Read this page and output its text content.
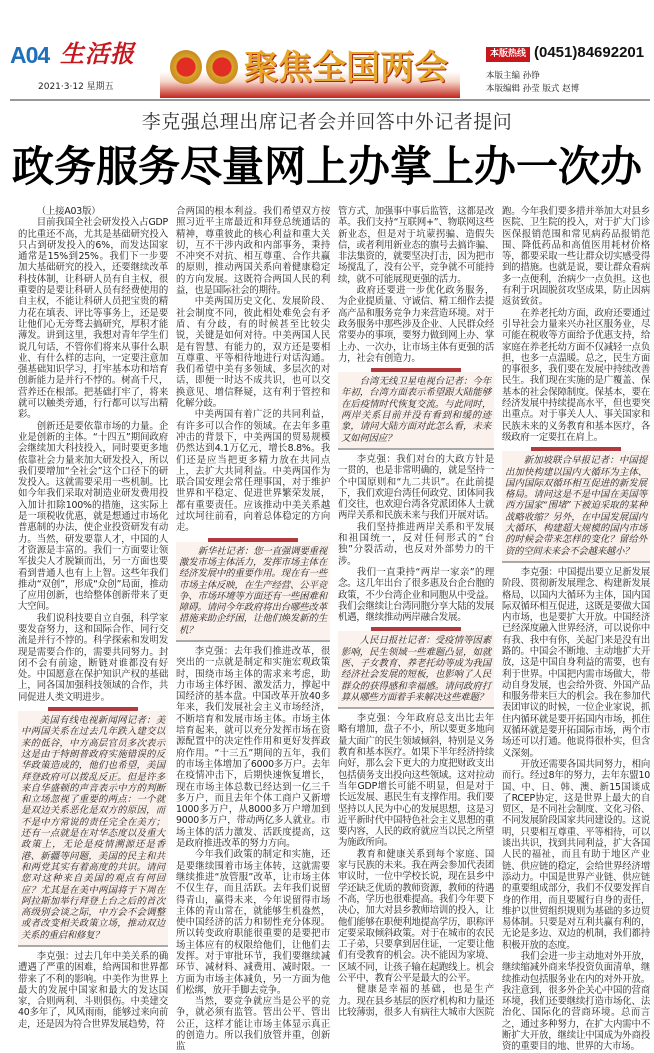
A04 生活报
2021·3·12 星期五	聚焦全国两会	本版热线 (0451)84692201
本版主编 孙铮
本版编辑 孙莹 版式 赵博
李克强总理出席记者会并回答中外记者提问
政务服务尽量网上办掌上办一次办

（上接A03版）

目前我国全社会研发投入占GDP的比重还不高，尤其是基础研究投入只占到研发投入的6%，而发达国家通常是15%到25%。我们下一步要加大基础研究的投入，还要继续改革科技体制，让科研人员有自主权，很重要的是要让科研人员有经费使用的自主权，不能让科研人员把宝贵的精力花在填表、评比等事务上，还是要让他们心无旁骛去搞研究，厚积才能薄发。讲到这里，我想对青年学生们说几句话，不管你们将来从事什么职业、有什么样的志向，一定要注意加强基础知识学习，打牢基本功和培育创新能力是并行不悖的。树高千尺，营养还在根部。把基础打牢了，将来就可以触类旁通，行行都可以写出精彩。

创新还是要依靠市场的力量。企业是创新的主体。“十四五”期间政府会继续加大科技投入，同时要更多地依靠社会力量来加大研发投入，所以我们要增加“全社会”这个口径下的研发投入。这就需要采用一些机制。比如今年我们采取对制造业研发费用投入加计扣除100%的措施，这实际上是一项税收优惠，就是想通过市场化普惠制的办法，使企业投资研发有动力。当然，研发要靠人才，中国的人才资源是丰富的。我们一方面要让领军拔尖人才脱颖而出，另一方面也要看到普通人也有上上智。这些年我们推动“双创”，形成“众创”局面，推动了应用创新，也给整体创新带来了更大空间。

我们说科技要自立自强，科学家要发奋努力，这和国际合作、同行交流是并行不悖的。科学探索和发明发现是需要合作的，需要共同努力。封闭不会有前途，断链对谁都没有好处。中国愿意在保护知识产权的基础上，同各国加强科技领域的合作，共同促进人类文明进步。

美国有线电视新闻网记者：美中两国关系在过去几年跌入建交以来的低谷，中方高层官员多次表示这是由于特朗普政府实施错误的反华政策造成的，他们也希望，美国拜登政府可以拨乱反正。但是许多来自华盛顿的声音表示中方的判断和立场忽视了重要的两点：一个就是双边关系恶化是双方的原因，而不是中方常说的责任完全在美方；还有一点就是在对华态度以及重大政策上，无论是疫情溯源还是香港、新疆等问题，美国的民主和共和两党其实有着高度的共识。请问您对这种来自美国的观点有何回应？尤其是在美中两国将于下周在阿拉斯加举行拜登上台之后的首次高级别会谈之际，中方会不会调整或者改变相关政策立场，推动双边关系的重启和修复？

李克强：过去几年中美关系的确遭遇了严重的困难，给两国和世界都带来了不利的影响。中美作为世界上最大的发展中国家和最大的发达国家，合则两利、斗则俱伤。中美建交40多年了，风风雨雨，能够过来向前走，还是因为符合世界发展趋势，符

合两国的根本利益。我们希望双方按照习近平主席最近和拜登总统通话的精神，尊重彼此的核心利益和重大关切，互不干涉内政和内部事务，秉持不冲突不对抗、相互尊重、合作共赢的原则，推动两国关系向着健康稳定的方向发展。这既符合两国人民的利益，也是国际社会的期待。

中美两国历史文化、发展阶段、社会制度不同，彼此相处难免会有矛盾、有分歧，有的时候甚至比较尖锐，关键是如何对待。中美两国人民是有智慧、有能力的，双方还是要相互尊重、平等相待地进行对话沟通。我们希望中美有多领域、多层次的对话，即便一时达不成共识，也可以交换意见、增信释疑，这有利于管控和化解分歧。

中美两国有着广泛的共同利益，有许多可以合作的领域。在去年多重冲击的背景下，中美两国的贸易规模仍然达到4.1万亿元，增长8.8%。我们还是应当把更多精力放在共同点上，去扩大共同利益。中美两国作为联合国安理会常任理事国，对于维护世界和平稳定、促进世界繁荣发展，都有重要责任。应该推动中美关系越过坎坷往前看，向着总体稳定的方向走。

新华社记者：您一直强调要重视激发市场主体活力，发挥市场主体在经济发展中的重要作用。现在有一些市场主体反映，在生产经营、公平竞争、市场环境等方面还有一些困难和障碍。请问今年政府将出台哪些改革措施来助企纾困，让他们焕发新的生机？

李克强：去年我们推进改革，很突出的一点就是制定和实施宏观政策时，围绕市场主体的需求来考虑，助力市场主体纾困、激发活力，撑起中国经济的基本盘。中国改革开放40多年来，我们发展社会主义市场经济，不断培育和发展市场主体。市场主体培育起来，就可以充分发挥市场在资源配置中的决定性作用和更好发挥政府作用。“十三五”期间的五年，我们的市场主体增加了6000多万户。去年在疫情冲击下，后期快速恢复增长，现在市场主体总数已经达到一亿三千多万户，而且去年个体工商户又新增1000多万户，从8000多万户增加到9000多万户，带动两亿多人就业。市场主体的活力激发、活跃度提高，这是政府推进改革的努力方向。

今年我们政策的制定和实施，还是要继续围着市场主体转，这就需要继续推进“放管服”改革，让市场主体不仅生存，而且活跃。去年我们说留得青山，赢得未来，今年说留得市场主体的青山常在，就能够生机盎然，使中国经济的活力和韧性充分体现。所以转变政府职能很重要的是要把市场主体应有的权限给他们，让他们去发挥。对于审批环节，我们要继续减环节、减材料、减费用、减时限。一方面为市场主体减负，另一方面为他们松绑，放开手脚去竞争。

当然，要竞争就应当是公平的竞争，就必须有监管。管出公平、管出公正，这样才能让市场主体显示真正的创造力。所以我们放管并重，创新监

管方式，加强事中事后监管，这都是改革。我们支持“互联网+”、物联网这些新业态，但是对于坑蒙拐骗、造假失信，或者利用新业态的旗号去搞诈骗、非法集资的，就要坚决打击，因为把市场搅乱了，没有公平，竞争就不可能持续，就不可能展现更强的活力。

政府还要进一步优化政务服务，为企业提质量、守诚信、精工细作去提高产品和服务竞争力来营造环境。对于政务服务中那些涉及企业、人民群众经常要办的事项，要努力做到网上办、掌上办、一次办，让市场主体有更强的活力，社会有创造力。

台湾无线卫星电视台记者：今年年初，台湾方面表示希望跟大陆能够在后疫情时代恢复交流。与此同时，两岸关系目前并没有看到和缓的迹象，请问大陆方面对此怎么看，未来又如何因应？

李克强：我们对台的大政方针是一贯的，也是非常明确的，就是坚持一个中国原则和“九二共识”。在此前提下，我们欢迎台湾任何政党、团体同我们交往，也欢迎台湾各党派团体人士就两岸关系和民族未来与我们开展对话。

我们坚持推进两岸关系和平发展和祖国统一，反对任何形式的“台独”分裂活动，也反对外部势力的干涉。

我们一直秉持“两岸一家亲”的理念。这几年出台了很多惠及台企台胞的政策，不少台湾企业和同胞从中受益。我们会继续让台湾同胞分享大陆的发展机遇，继续推动两岸融合发展。

人民日报社记者：受疫情等因素影响，民生领域一些难题凸显，如就医、子女教育、养老托幼等成为我国经济社会发展的短板，也影响了人民群众的获得感和幸福感。请问政府打算从哪些方面着手来解决这些难题？

李克强：今年政府总支出比去年略有增加，盘子不小，所以要更多地向量大面广的民生领域倾斜，特别是义务教育和基本医疗。如果下半年经济持续向好，那么会下更大的力度把财政支出包括债务支出投向这些领域。这对拉动当年GDP增长可能不明显，但是对于长远发展、惠民生有支撑作用。我们要坚持以人民为中心的发展思想，这是习近平新时代中国特色社会主义思想的重要内容，人民的政府就应当以民之所望为施政所向。

教育和健康关系到每个家庭、国家与民族的未来。我在两会参加代表团审议时，一位中学校长说，现在县乡中学还缺乏优质的教师资源，教师的待遇不高，学历也很难提高。我们今年要下决心，加大对县乡教师培训的投入，让他们能够在职便利地提高学历，职称评定要采取倾斜政策。对于在城市的农民工子弟，只要拿到居住证，一定要让他们有受教育的机会。决不能因为家境、区域不同，让孩子输在起跑线上。机会公平中，教育公平是最大的公平。

健康是幸福的基础，也是生产力。现在县乡基层的医疗机构和力量还比较薄弱，很多人有病往大城市大医院

跑。今年我们要多措并举加大对县乡医院、卫生院的投入，对于扩大门诊医保报销范围和常见病药品报销范围、降低药品和高值医用耗材价格等，都要采取一些让群众切实感受得到的措施。也就是说，要让群众看病多一点便利，治病少一点负担。这也有利于巩固脱贫攻坚成果，防止因病返贫致贫。

在养老托幼方面，政府还要通过引导社会力量来兴办社区服务业，尽可能在税收等方面给予优惠支持，给家庭在养老托幼方面不仅减轻一点负担，也多一点温暖。总之，民生方面的事很多，我们要在发展中持续改善民生。我们现在实施的是广覆盖、保基本的社会保障制度。保基本，要在经济发展中持续提高水平，但也要突出重点。对于事关人人、事关国家和民族未来的义务教育和基本医疗，各级政府一定要扛在肩上。

新加坡联合早报记者：中国提出加快构建以国内大循环为主体、国内国际双循环相互促进的新发展格局。请问这是不是中国在美国等西方国家“围堵”下被迫采取的某种战略收缩？另外，在中国发展国内大循环、构建超大规模的国内市场的时候会带来怎样的变化？留给外资的空间未来会不会越来越小？

李克强：中国提出要立足新发展阶段、贯彻新发展理念、构建新发展格局，以国内大循环为主体，国内国际双循环相互促进，这既是要做大国内市场，也是要扩大开放。中国经济已经深度融入世界经济，可以说你中有我、我中有你，关起门来是没有出路的。中国会不断地、主动地扩大开放，这是中国自身利益的需要，也有利于世界。中国把内需市场做大，带动自身发展，也会给外资、外国产品和服务带来巨大的机会。我在参加代表团审议的时候，一位企业家说，抓住内循环就是要开拓国内市场，抓住双循环就是要开拓国际市场，两个市场还可以打通。他说得很朴实，但含义深刻。

开放还需要各国共同努力，相向而行。经过8年的努力，去年东盟10国、中、日、韩、澳、新15国谈成了RCEP协定，这是世界上最大的自贸区，是不同社会制度、文化习俗、不同发展阶段国家共同建设的。这说明，只要相互尊重、平等相待，可以谈出共识，找到共同利益，扩大各国人民的福祉，而且有助于地区产业链、供应链的稳定，会给世界经济增添动力。中国是世界产业链、供应链的重要组成部分，我们不仅要发挥自身的作用，而且要履行自身的责任，维护以世贸组织规则为基础的多边贸易体制。只要是对互利共赢有利的，无论是多边、双边的机制，我们都持积极开放的态度。

我们会进一步主动地对外开放，继续缩减外商来华投资负面清单，继续推动包括服务业在内的对外开放。我注意到，很多外企关心中国的营商环境，我们还要继续打造市场化、法治化、国际化的营商环境。总而言之，通过多种努力，在扩大内需中不断扩大开放，继续让中国成为外商投资的重要目的地、世界的大市场。
